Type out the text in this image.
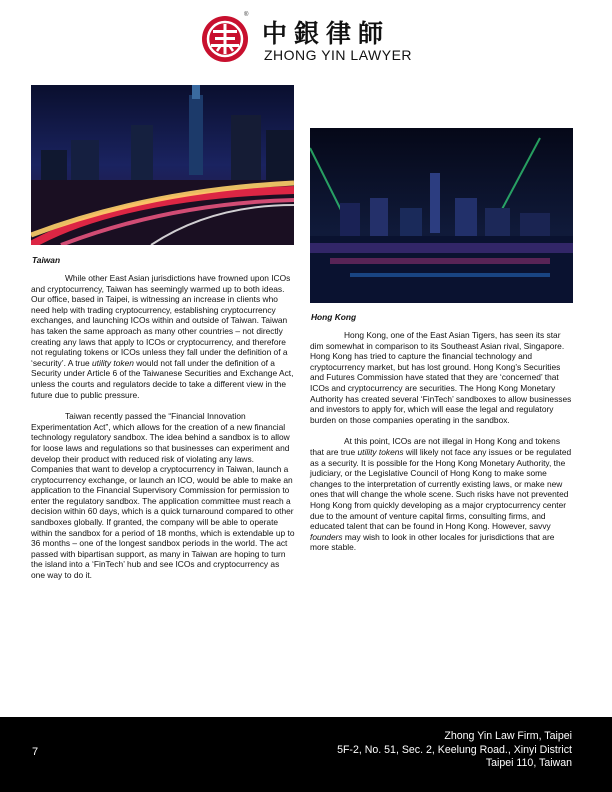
®
中銀律師
ZHONG YIN LAWYER
Taiwan
Hong Kong

While other East Asian jurisdictions have frowned upon ICOs and cryptocurrency, Taiwan has seemingly warmed up to both ideas. Our office, based in Taipei, is witnessing an increase in clients who need help with trading cryptocurrency, establishing cryptocurrency exchanges, and launching ICOs within and outside of Taiwan. Taiwan has taken the same approach as many other countries – not directly creating any laws that apply to ICOs or cryptocurrency, and therefore not regulating tokens or ICOs unless they fall under the definition of a ‘security’. A true utility token would not fall under the definition of a Security under Article 6 of the Taiwanese Securities and Exchange Act, unless the courts and regulators decide to take a different view in the future due to public pressure.

Taiwan recently passed the “Financial Innovation Experimentation Act”, which allows for the creation of a new financial technology regulatory sandbox. The idea behind a sandbox is to allow for loose laws and regulations so that businesses can experiment and develop their product with reduced risk of violating any laws. Companies that want to develop a cryptocurrency in Taiwan, launch a cryptocurrency exchange, or launch an ICO, would be able to make an application to the Financial Supervisory Commission for permission to enter the regulatory sandbox. The application committee must reach a decision within 60 days, which is a quick turnaround compared to other sandboxes globally. If granted, the company will be able to operate within the sandbox for a period of 18 months, which is extendable up to 36 months – one of the longest sandbox periods in the world. The act passed with bipartisan support, as many in Taiwan are hoping to turn the island into a ‘FinTech’ hub and see ICOs and cryptocurrency as one way to do it.

Hong Kong, one of the East Asian Tigers, has seen its star dim somewhat in comparison to its Southeast Asian rival, Singapore. Hong Kong has tried to capture the financial technology and cryptocurrency market, but has lost ground. Hong Kong’s Securities and Futures Commission have stated that they are ‘concerned’ that ICOs and cryptocurrency are securities. The Hong Kong Monetary Authority has created several ‘FinTech’ sandboxes to allow businesses and investors to apply for, which will ease the legal and regulatory burden on those companies operating in the sandbox.

At this point, ICOs are not illegal in Hong Kong and tokens that are true utility tokens will likely not face any issues or be regulated as a security. It is possible for the Hong Kong Monetary Authority, the judiciary, or the Legislative Council of Hong Kong to make some changes to the interpretation of currently existing laws, or make new ones that will change the whole scene. Such risks have not prevented Hong Kong from quickly developing as a major cryptocurrency center due to the amount of venture capital firms, consulting firms, and educated talent that can be found in Hong Kong. However, savvy founders may wish to look in other locales for jurisdictions that are more stable.

7
Zhong Yin Law Firm, Taipei
5F-2, No. 51, Sec. 2, Keelung Road., Xinyi District
Taipei 110, Taiwan
